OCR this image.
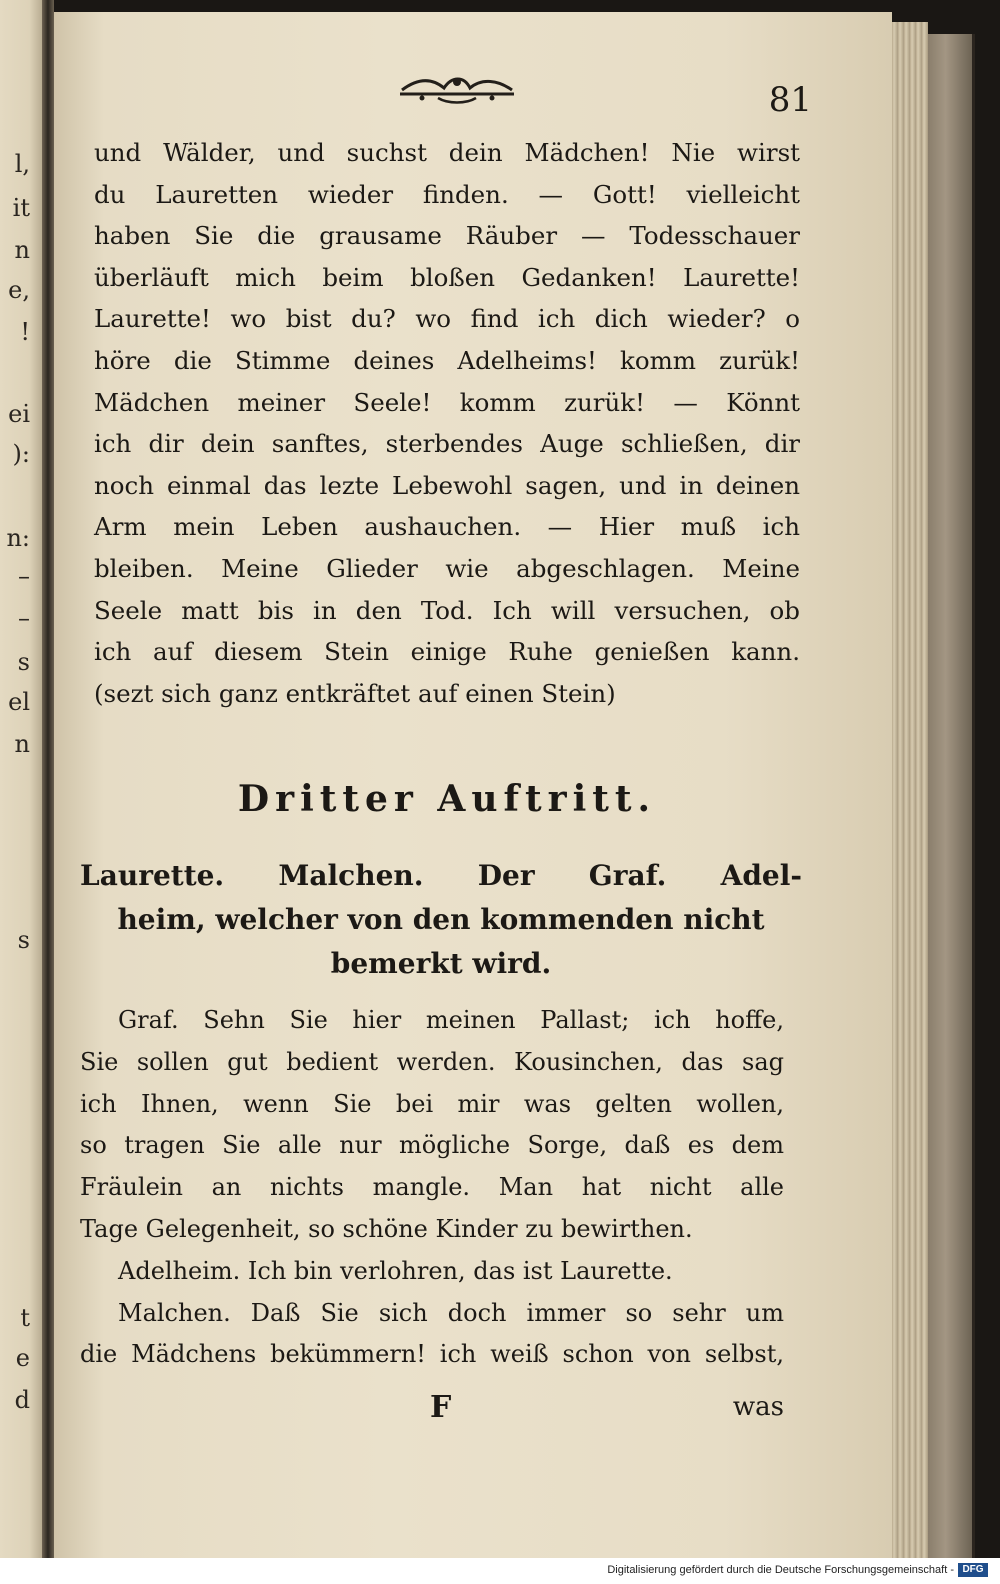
l,
it
n
e,
!
ei
):
n:
–
–
s
el
n
s
t
e
d
81
und Wälder, und suchst dein Mädchen! Nie wirst
du Lauretten wieder finden. — Gott! vielleicht
haben Sie die grausame Räuber — Todesschauer
überläuft mich beim bloßen Gedanken! Laurette!
Laurette! wo bist du? wo find ich dich wieder? o
höre die Stimme deines Adelheims! komm zurük!
Mädchen meiner Seele! komm zurük! — Könnt
ich dir dein sanftes, sterbendes Auge schließen, dir
noch einmal das lezte Lebewohl sagen, und in deinen
Arm mein Leben aushauchen. — Hier muß ich
bleiben. Meine Glieder wie abgeschlagen. Meine
Seele matt bis in den Tod. Ich will versuchen, ob
ich auf diesem Stein einige Ruhe genießen kann.
(sezt sich ganz entkräftet auf einen Stein)
Dritter Auftritt.
Laurette. Malchen. Der Graf. Adel-
heim, welcher von den kommenden nicht
bemerkt wird.
Graf. Sehn Sie hier meinen Pallast; ich hoffe,
Sie sollen gut bedient werden. Kousinchen, das sag
ich Ihnen, wenn Sie bei mir was gelten wollen,
so tragen Sie alle nur mögliche Sorge, daß es dem
Fräulein an nichts mangle. Man hat nicht alle
Tage Gelegenheit, so schöne Kinder zu bewirthen.
Adelheim. Ich bin verlohren, das ist Laurette.
Malchen. Daß Sie sich doch immer so sehr um
die Mädchens bekümmern! ich weiß schon von selbst,
F	was
Digitalisierung gefördert durch die Deutsche Forschungsgemeinschaft - DFG
